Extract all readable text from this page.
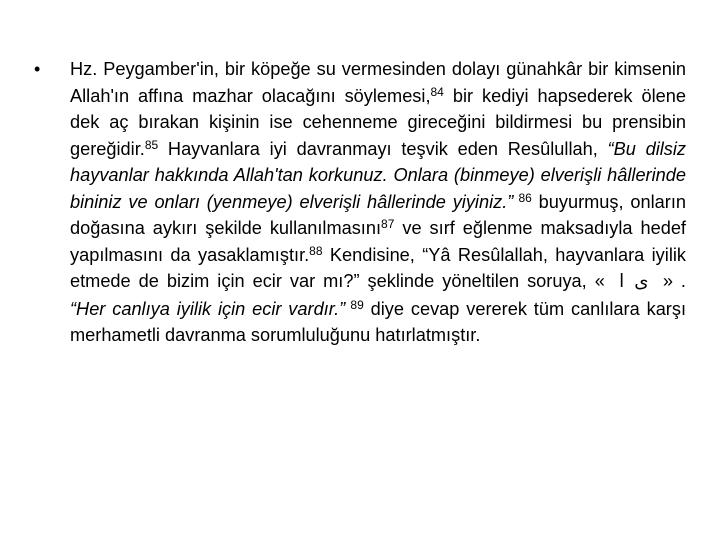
• Hz. Peygamber'in, bir köpeğe su vermesinden dolayı günahkâr bir kimsenin Allah'ın affına mazhar olacağını söylemesi,$^{84}$ bir kediyi hapsederek ölene dek aç bırakan kişinin ise cehenneme gireceğini bildirmesi bu prensibin gereğidir.$^{85}$ Hayvanlara iyi davranmayı teşvik eden Resûlullah, “Bu dilsiz hayvanlar hakkında Allah'tan korkunuz. Onlara (binmeye) elverişli hâllerinde bininiz ve onları (yenmeye) elverişli hâllerinde yiyiniz.” $^{86}$ buyurmuş, onların doğasına aykırı şekilde kullanılmasını$^{87}$ ve sırf eğlenme maksadıyla hedef yapılmasını da yasaklamıştır.$^{88}$ Kendisine, “Yâ Resûlallah, hayvanlara iyilik etmede de bizim için ecir var mı?” şeklinde yöneltilen soruya, « ىا » . “Her canlıya iyilik için ecir vardır.” $^{89}$ diye cevap vererek tüm canlılara karşı merhametli davranma sorumluluğunu hatırlatmıştır.
